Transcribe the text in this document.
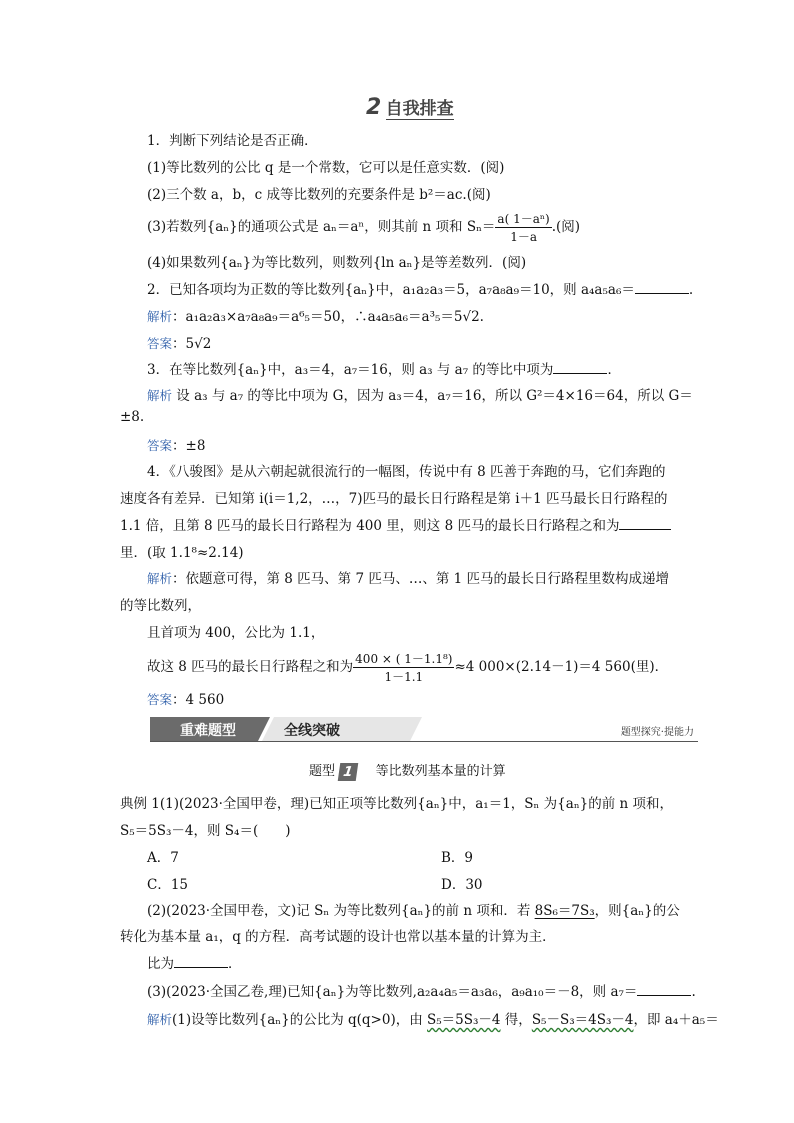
2 自我排查
1．判断下列结论是否正确．
(1)等比数列的公比 q 是一个常数，它可以是任意实数．(阅)
(2)三个数 a，b，c 成等比数列的充要条件是 b²＝ac.(阅)
(3)若数列{aₙ}的通项公式是 aₙ＝aⁿ，则其前 n 项和 $S_n= \frac{\text{a( 1－aⁿ)}}{1-a}$ .(阅)
(4)如果数列{aₙ}为等比数列，则数列{ln aₙ}是等差数列．(阅)
2．已知各项均为正数的等比数列{aₙ}中，a₁a₂a₃＝5，a₇a₈a₉＝10，则 a₄a₅a₆＝	.
解析：a₁a₂a₃×a₇a₈a₉＝a⁶₅＝50，∴a₄a₅a₆＝a³₅＝5√2.
答案：5√2
3．在等比数列{aₙ}中，a₃＝4，a₇＝16，则 a₃ 与 a₇ 的等比中项为	．
解析 设 a₃ 与 a₇ 的等比中项为 G，因为 a₃＝4，a₇＝16，所以 G²＝4×16＝64，所以 G＝
±8.
答案：±8
4．《八骏图》是从六朝起就很流行的一幅图，传说中有 8 匹善于奔跑的马，它们奔跑的
速度各有差异．已知第 i(i＝1,2，…，7)匹马的最长日行路程是第 i＋1 匹马最长日行路程的
1.1 倍，且第 8 匹马的最长日行路程为 400 里，则这 8 匹马的最长日行路程之和为
里．(取 1.1⁸≈2.14)
解析：依题意可得，第 8 匹马、第 7 匹马、…、第 1 匹马的最长日行路程里数构成递增
的等比数列，
且首项为 400，公比为 1.1，
故这 8 匹马的最长日行路程之和为 $\frac{\text{400 × ( 1－1.1⁸)}}{1-1.1} \approx 4$ 000×(2.14－1)＝4 560(里)．
答案：4 560
重难题型	全线突破	题型探究·提能力
题型 1 等比数列基本量的计算
典例 1(1)(2023·全国甲卷，理)已知正项等比数列{aₙ}中，a₁＝1，Sₙ 为{aₙ}的前 n 项和，
S₅＝5S₃－4，则 S₄＝(　　)
A．7	B．9
C．15	D．30
(2)(2023·全国甲卷，文)记 Sₙ 为等比数列{aₙ}的前 n 项和．若 8S₆＝7S₃，则{aₙ}的公
转化为基本量 a₁，q 的方程．高考试题的设计也常以基本量的计算为主．
比为	．
(3)(2023·全国乙卷,理)已知{aₙ}为等比数列,a₂a₄a₅＝a₃a₆，a₉a₁₀＝－8，则 a₇＝	.
解析(1)设等比数列{aₙ}的公比为 q(q>0)，由 S₅＝5S₃－4 得，S₅－S₃＝4S₃－4，即 a₄＋a₅＝
